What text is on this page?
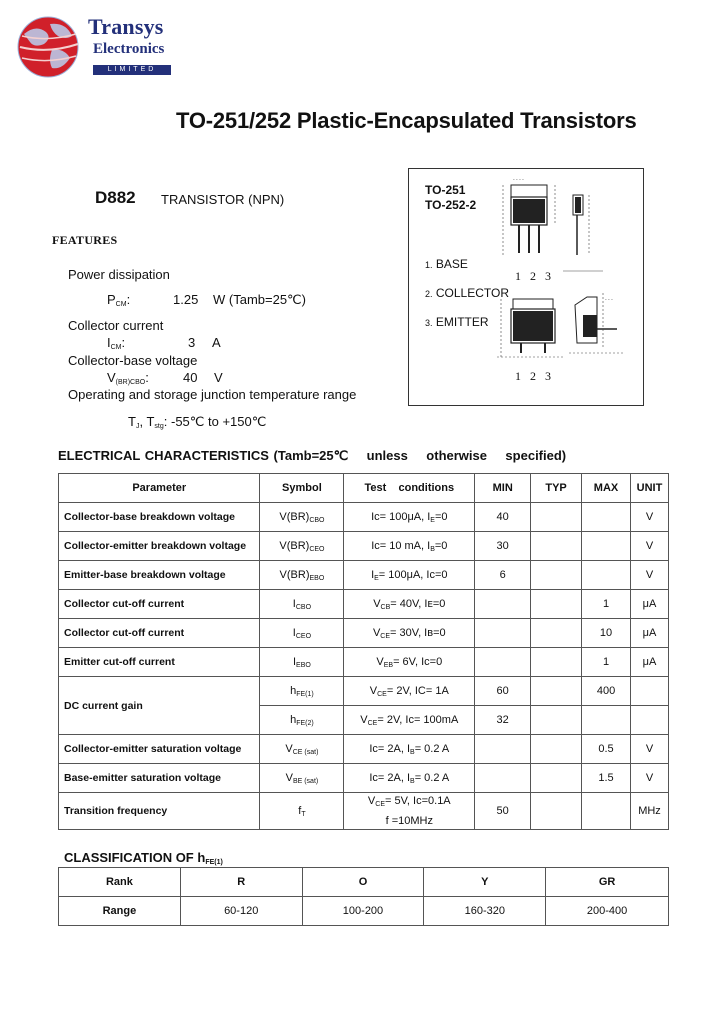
Transys
Electronics
LIMITED
TO-251/252 Plastic-Encapsulated Transistors
D882 TRANSISTOR (NPN)
FEATURES
Power dissipation
$P_{CM}$:	1.25 W (Tamb=25℃)
Collector current
$I_{CM}$:	3 A
Collector-base voltage
$V_{(BR)CBO}$:	40 V
Operating and storage junction temperature range
$T_J$, $T_{stg}$: -55℃ to +150℃
TO-251
TO-252-2
- - - -
1. BASE
1 2 3
2. COLLECTOR
3. EMITTER
- - -
1 2 3
ELECTRICAL CHARACTERISTICS (Tamb=25℃    unless    otherwise    specified)
Parameter	Symbol	Test    conditions	MIN	TYP	MAX	UNIT
Collector-base breakdown voltage	V(BR)CBO	Ic= 100μA, IE=0	40			V
Collector-emitter breakdown voltage	V(BR)CEO	Ic= 10 mA, IB=0	30			V
Emitter-base breakdown voltage	V(BR)EBO	IE= 100μA, Ic=0	6			V
Collector cut-off current	ICBO	VCB= 40V, Iᴇ=0			1	μA
Collector cut-off current	ICEO	VCE= 30V, Iʙ=0			10	μA
Emitter cut-off current	IEBO	VEB= 6V, Ic=0			1	μA
DC current gain	hFE(1)	VCE= 2V, IC= 1A	60		400	
	hFE(2)	VCE= 2V, Iᴄ= 100mA	32			
Collector-emitter saturation voltage	VCE (sat)	Ic= 2A, IB= 0.2 A			0.5	V
Base-emitter saturation voltage	VBE (sat)	Ic= 2A, IB= 0.2 A			1.5	V
Transition frequency	fT	VCE= 5V, Ic=0.1A
f =10MHz	50			MHz
CLASSIFICATION OF hFE(1)
Rank	R	O	Y	GR
Range	60-120	100-200	160-320	200-400
